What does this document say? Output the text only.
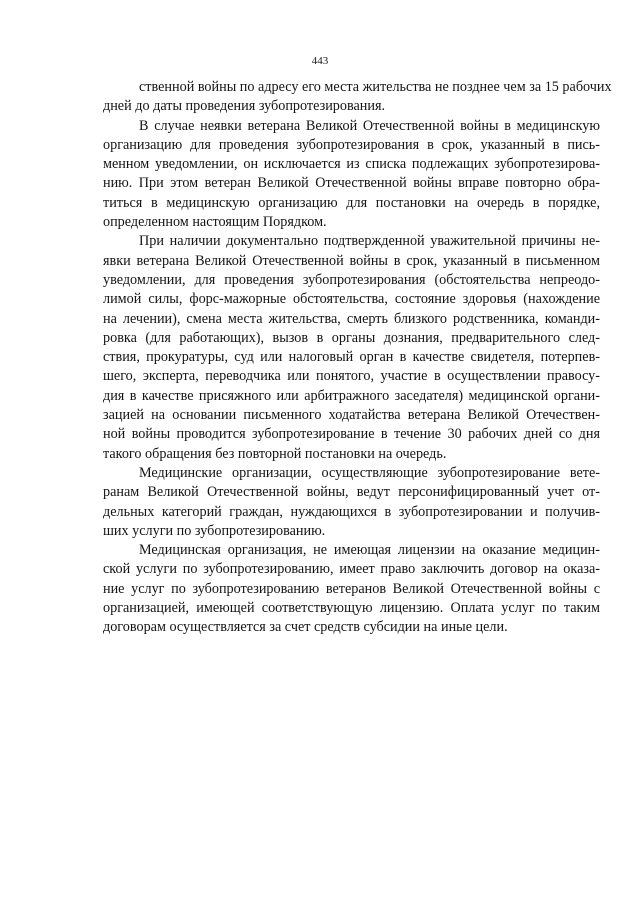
443
ственной войны по адресу его места жительства не позднее чем за 15 рабочих
дней до даты проведения зубопротезирования.
В случае неявки ветерана Великой Отечественной войны в медицинскую
организацию для проведения зубопротезирования в срок, указанный в пись-
менном уведомлении, он исключается из списка подлежащих зубопротезирова-
нию. При этом ветеран Великой Отечественной войны вправе повторно обра-
титься в медицинскую организацию для постановки на очередь в порядке,
определенном настоящим Порядком.
При наличии документально подтвержденной уважительной причины не-
явки ветерана Великой Отечественной войны в срок, указанный в письменном
уведомлении, для проведения зубопротезирования (обстоятельства непреодо-
лимой силы, форс-мажорные обстоятельства, состояние здоровья (нахождение
на лечении), смена места жительства, смерть близкого родственника, команди-
ровка (для работающих), вызов в органы дознания, предварительного след-
ствия, прокуратуры, суд или налоговый орган в качестве свидетеля, потерпев-
шего, эксперта, переводчика или понятого, участие в осуществлении правосу-
дия в качестве присяжного или арбитражного заседателя) медицинской органи-
зацией на основании письменного ходатайства ветерана Великой Отечествен-
ной войны проводится зубопротезирование в течение 30 рабочих дней со дня
такого обращения без повторной постановки на очередь.
Медицинские организации, осуществляющие зубопротезирование вете-
ранам Великой Отечественной войны, ведут персонифицированный учет от-
дельных категорий граждан, нуждающихся в зубопротезировании и получив-
ших услуги по зубопротезированию.
Медицинская организация, не имеющая лицензии на оказание медицин-
ской услуги по зубопротезированию, имеет право заключить договор на оказа-
ние услуг по зубопротезированию ветеранов Великой Отечественной войны с
организацией, имеющей соответствующую лицензию. Оплата услуг по таким
договорам осуществляется за счет средств субсидии на иные цели.
